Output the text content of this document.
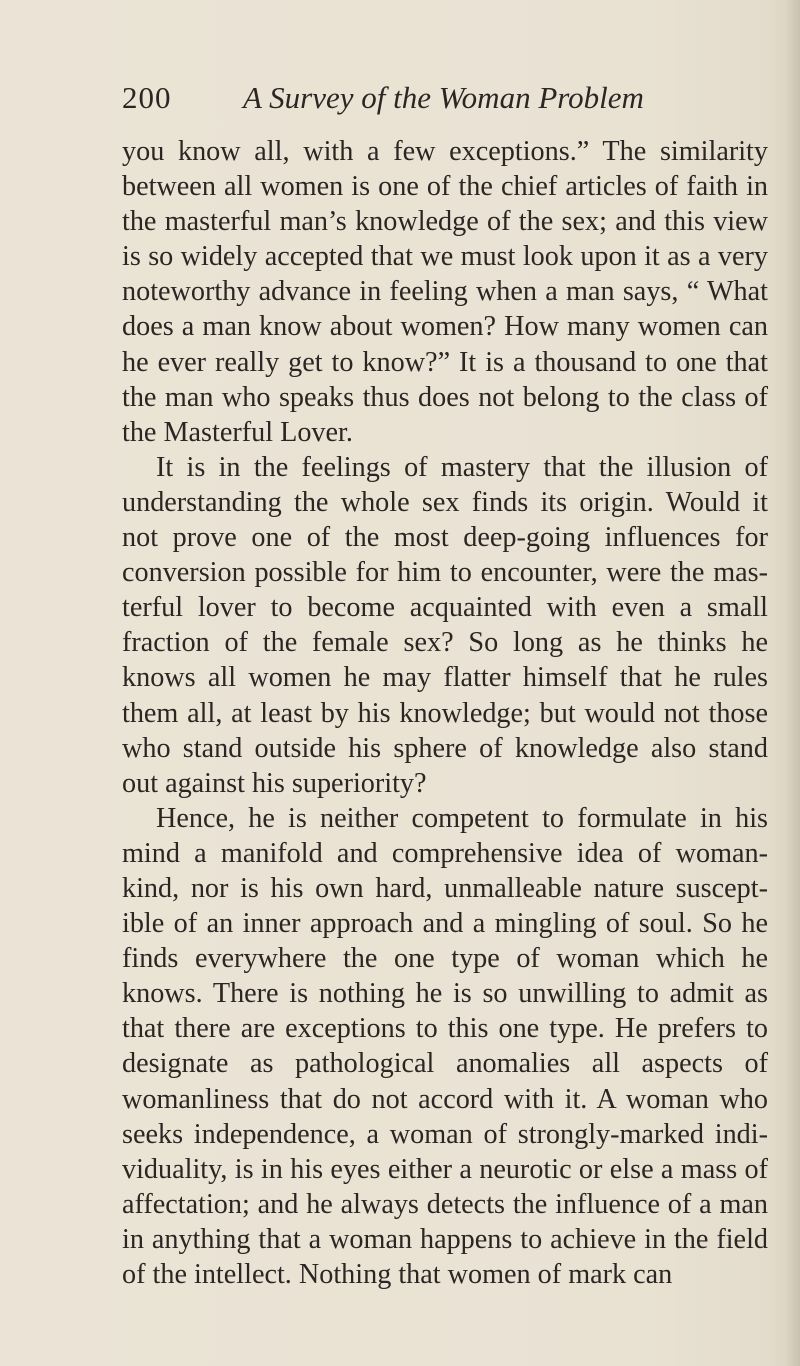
200 A Survey of the Woman Problem

you know all, with a few exceptions.” The similarity between all women is one of the chief articles of faith in the masterful man’s knowledge of the sex; and this view is so widely accepted that we must look upon it as a very noteworthy advance in feeling when a man says, “ What does a man know about women? How many women can he ever really get to know?” It is a thousand to one that the man who speaks thus does not belong to the class of the Masterful Lover.

It is in the feelings of mastery that the illusion of understanding the whole sex finds its origin. Would it not prove one of the most deep-going influences for conversion possible for him to encounter, were the mas-terful lover to become acquainted with even a small fraction of the female sex? So long as he thinks he knows all women he may flatter himself that he rules them all, at least by his knowledge; but would not those who stand outside his sphere of knowledge also stand out against his superiority?

Hence, he is neither competent to formulate in his mind a manifold and comprehensive idea of woman-kind, nor is his own hard, unmalleable nature suscept-ible of an inner approach and a mingling of soul. So he finds everywhere the one type of woman which he knows. There is nothing he is so unwilling to admit as that there are exceptions to this one type. He prefers to designate as pathological anomalies all aspects of womanliness that do not accord with it. A woman who seeks independence, a woman of strongly-marked indi-viduality, is in his eyes either a neurotic or else a mass of affectation; and he always detects the influence of a man in anything that a woman happens to achieve in the field of the intellect. Nothing that women of mark can
